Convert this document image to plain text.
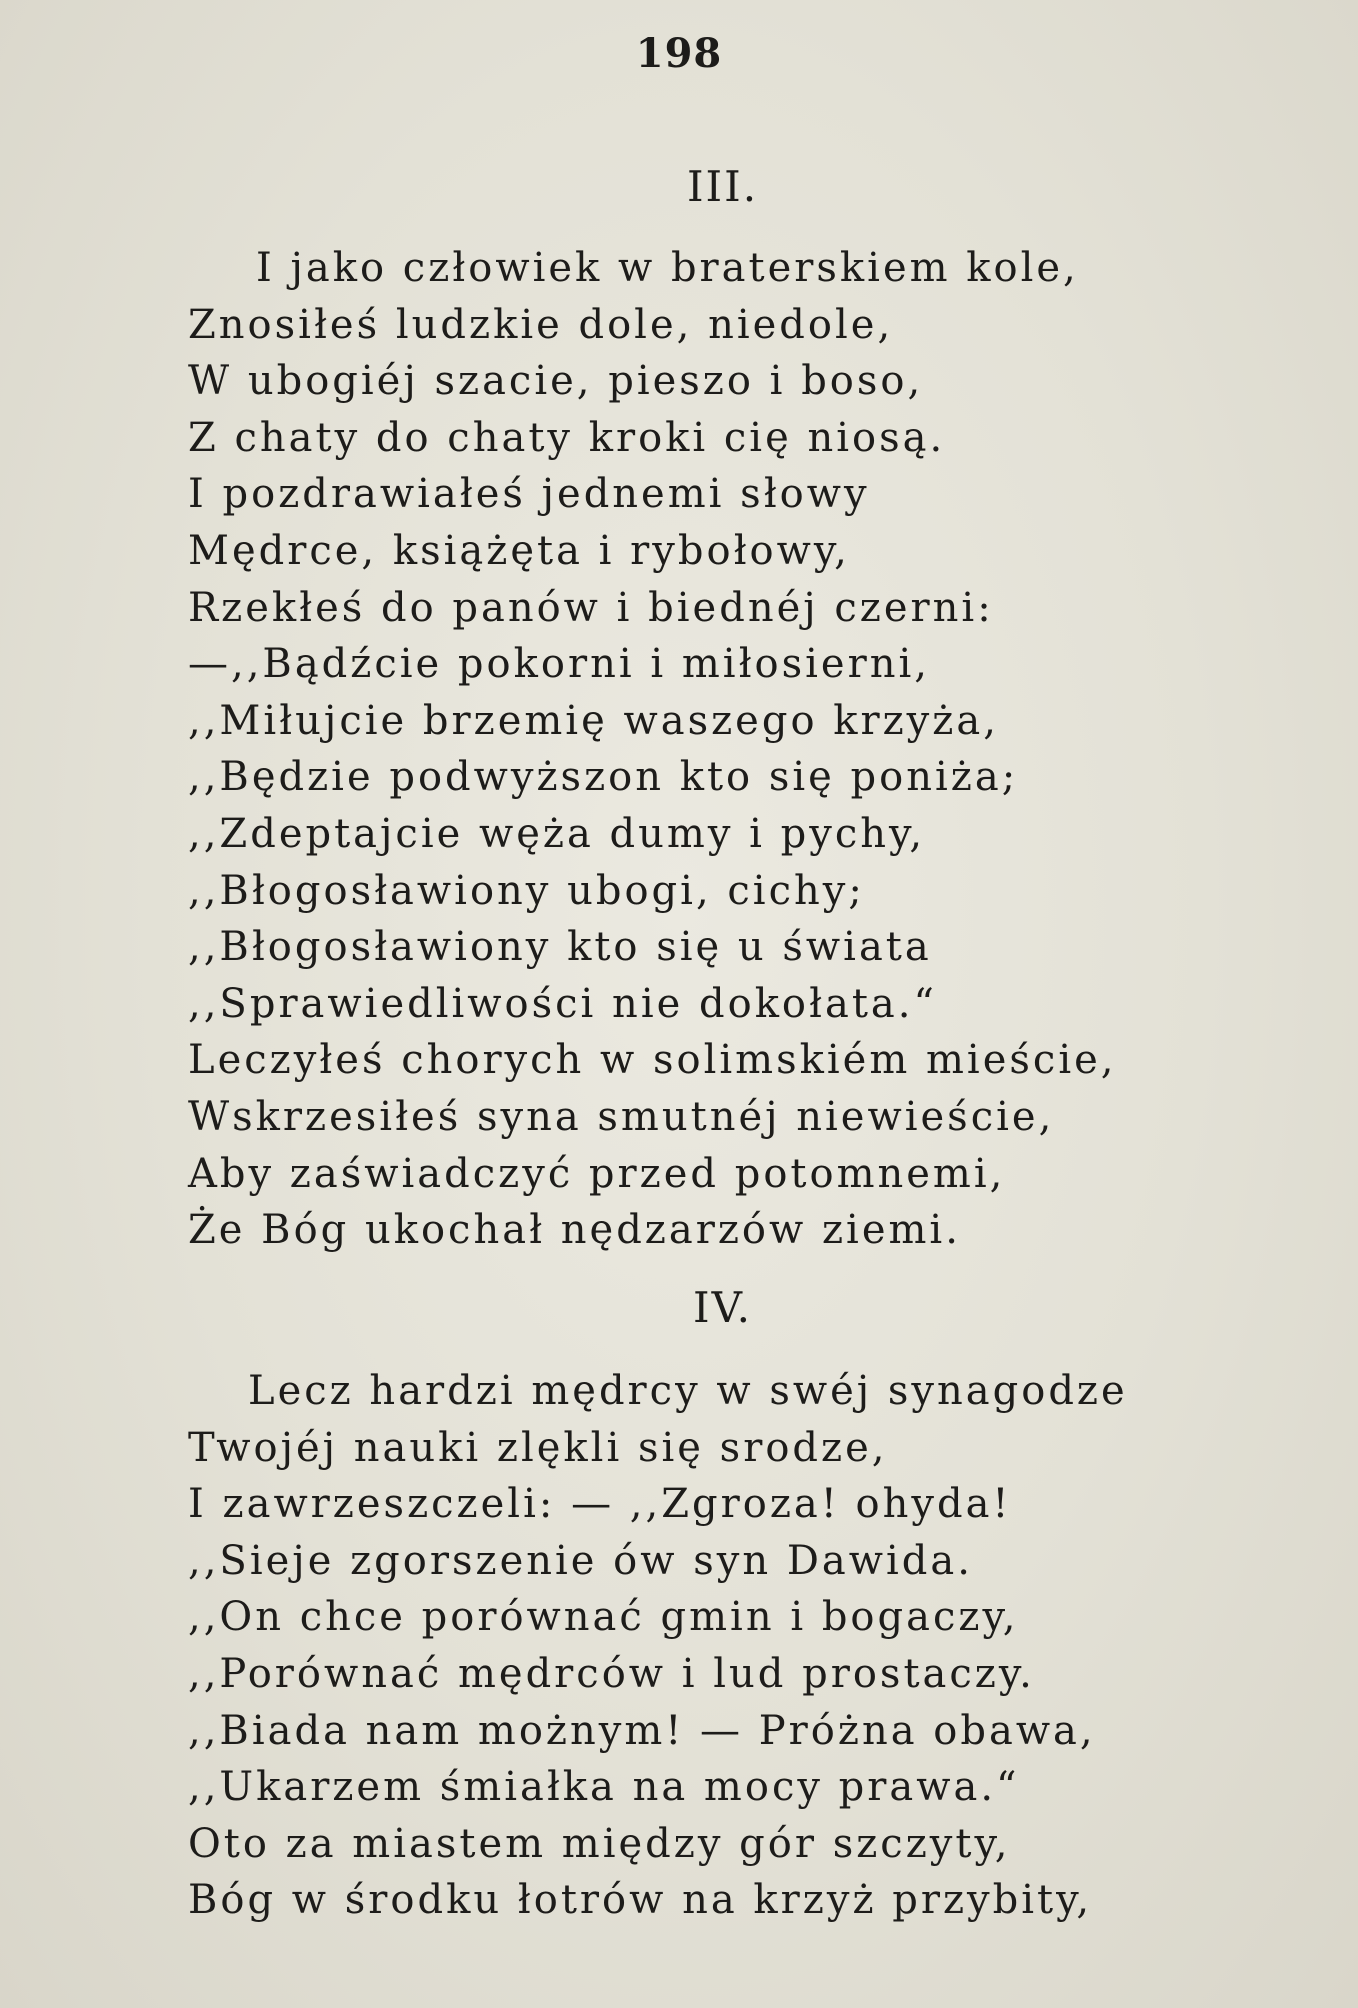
198
III.
I jako człowiek w braterskiem kole,
Znosiłeś ludzkie dole, niedole,
W ubogiéj szacie, pieszo i boso,
Z chaty do chaty kroki cię niosą.
I pozdrawiałeś jednemi słowy
Mędrce, książęta i rybołowy,
Rzekłeś do panów i biednéj czerni:
—,,Bądźcie pokorni i miłosierni,
,,Miłujcie brzemię waszego krzyża,
,,Będzie podwyższon kto się poniża;
,,Zdeptajcie węża dumy i pychy,
,,Błogosławiony ubogi, cichy;
,,Błogosławiony kto się u świata
,,Sprawiedliwości nie dokołata.“
Leczyłeś chorych w solimskiém mieście,
Wskrzesiłeś syna smutnéj niewieście,
Aby zaświadczyć przed potomnemi,
Że Bóg ukochał nędzarzów ziemi.
IV.
Lecz hardzi mędrcy w swéj synagodze
Twojéj nauki zlękli się srodze,
I zawrzeszczeli: — ,,Zgroza! ohyda!
,,Sieje zgorszenie ów syn Dawida.
,,On chce porównać gmin i bogaczy,
,,Porównać mędrców i lud prostaczy.
,,Biada nam możnym! — Próżna obawa,
,,Ukarzem śmiałka na mocy prawa.“
Oto za miastem między gór szczyty,
Bóg w środku łotrów na krzyż przybity,
